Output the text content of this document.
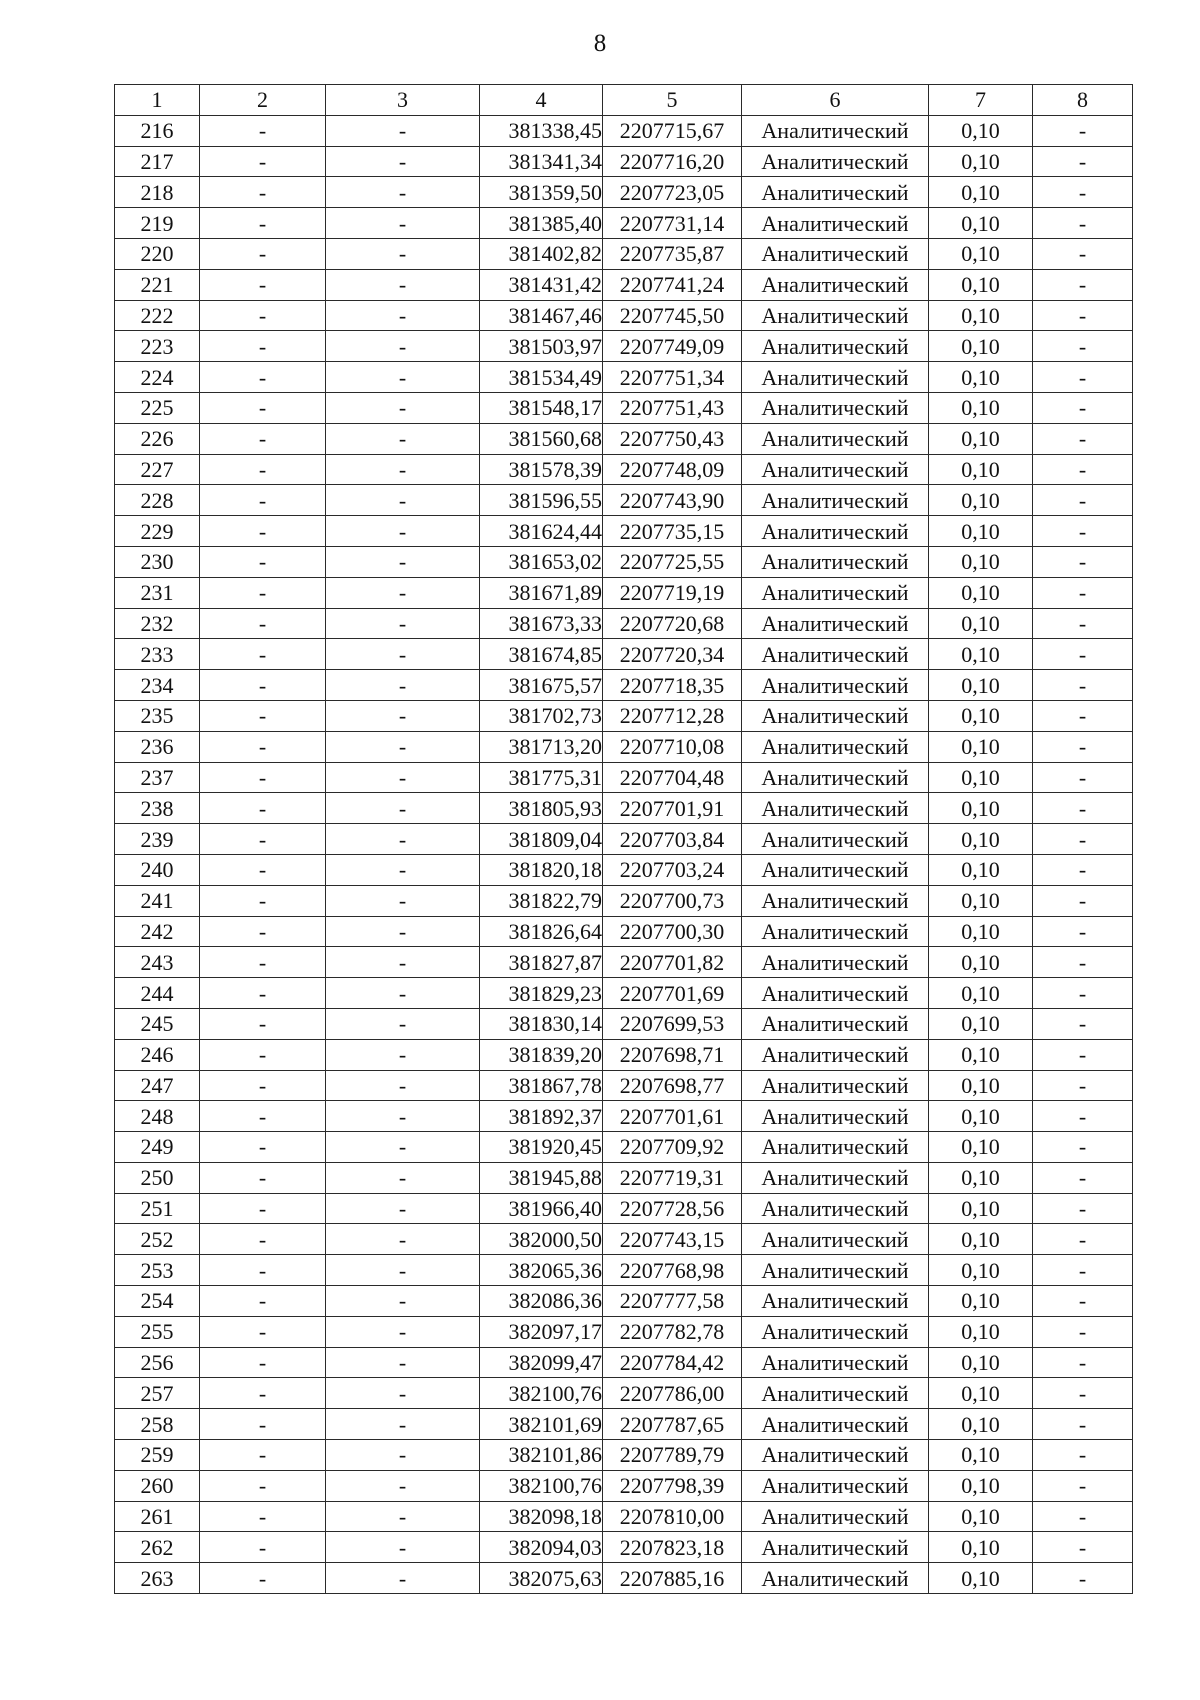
8
1	2	3	4	5	6	7	8
216	-	-	381338,45	2207715,67	Аналитический	0,10	-
217	-	-	381341,34	2207716,20	Аналитический	0,10	-
218	-	-	381359,50	2207723,05	Аналитический	0,10	-
219	-	-	381385,40	2207731,14	Аналитический	0,10	-
220	-	-	381402,82	2207735,87	Аналитический	0,10	-
221	-	-	381431,42	2207741,24	Аналитический	0,10	-
222	-	-	381467,46	2207745,50	Аналитический	0,10	-
223	-	-	381503,97	2207749,09	Аналитический	0,10	-
224	-	-	381534,49	2207751,34	Аналитический	0,10	-
225	-	-	381548,17	2207751,43	Аналитический	0,10	-
226	-	-	381560,68	2207750,43	Аналитический	0,10	-
227	-	-	381578,39	2207748,09	Аналитический	0,10	-
228	-	-	381596,55	2207743,90	Аналитический	0,10	-
229	-	-	381624,44	2207735,15	Аналитический	0,10	-
230	-	-	381653,02	2207725,55	Аналитический	0,10	-
231	-	-	381671,89	2207719,19	Аналитический	0,10	-
232	-	-	381673,33	2207720,68	Аналитический	0,10	-
233	-	-	381674,85	2207720,34	Аналитический	0,10	-
234	-	-	381675,57	2207718,35	Аналитический	0,10	-
235	-	-	381702,73	2207712,28	Аналитический	0,10	-
236	-	-	381713,20	2207710,08	Аналитический	0,10	-
237	-	-	381775,31	2207704,48	Аналитический	0,10	-
238	-	-	381805,93	2207701,91	Аналитический	0,10	-
239	-	-	381809,04	2207703,84	Аналитический	0,10	-
240	-	-	381820,18	2207703,24	Аналитический	0,10	-
241	-	-	381822,79	2207700,73	Аналитический	0,10	-
242	-	-	381826,64	2207700,30	Аналитический	0,10	-
243	-	-	381827,87	2207701,82	Аналитический	0,10	-
244	-	-	381829,23	2207701,69	Аналитический	0,10	-
245	-	-	381830,14	2207699,53	Аналитический	0,10	-
246	-	-	381839,20	2207698,71	Аналитический	0,10	-
247	-	-	381867,78	2207698,77	Аналитический	0,10	-
248	-	-	381892,37	2207701,61	Аналитический	0,10	-
249	-	-	381920,45	2207709,92	Аналитический	0,10	-
250	-	-	381945,88	2207719,31	Аналитический	0,10	-
251	-	-	381966,40	2207728,56	Аналитический	0,10	-
252	-	-	382000,50	2207743,15	Аналитический	0,10	-
253	-	-	382065,36	2207768,98	Аналитический	0,10	-
254	-	-	382086,36	2207777,58	Аналитический	0,10	-
255	-	-	382097,17	2207782,78	Аналитический	0,10	-
256	-	-	382099,47	2207784,42	Аналитический	0,10	-
257	-	-	382100,76	2207786,00	Аналитический	0,10	-
258	-	-	382101,69	2207787,65	Аналитический	0,10	-
259	-	-	382101,86	2207789,79	Аналитический	0,10	-
260	-	-	382100,76	2207798,39	Аналитический	0,10	-
261	-	-	382098,18	2207810,00	Аналитический	0,10	-
262	-	-	382094,03	2207823,18	Аналитический	0,10	-
263	-	-	382075,63	2207885,16	Аналитический	0,10	-
